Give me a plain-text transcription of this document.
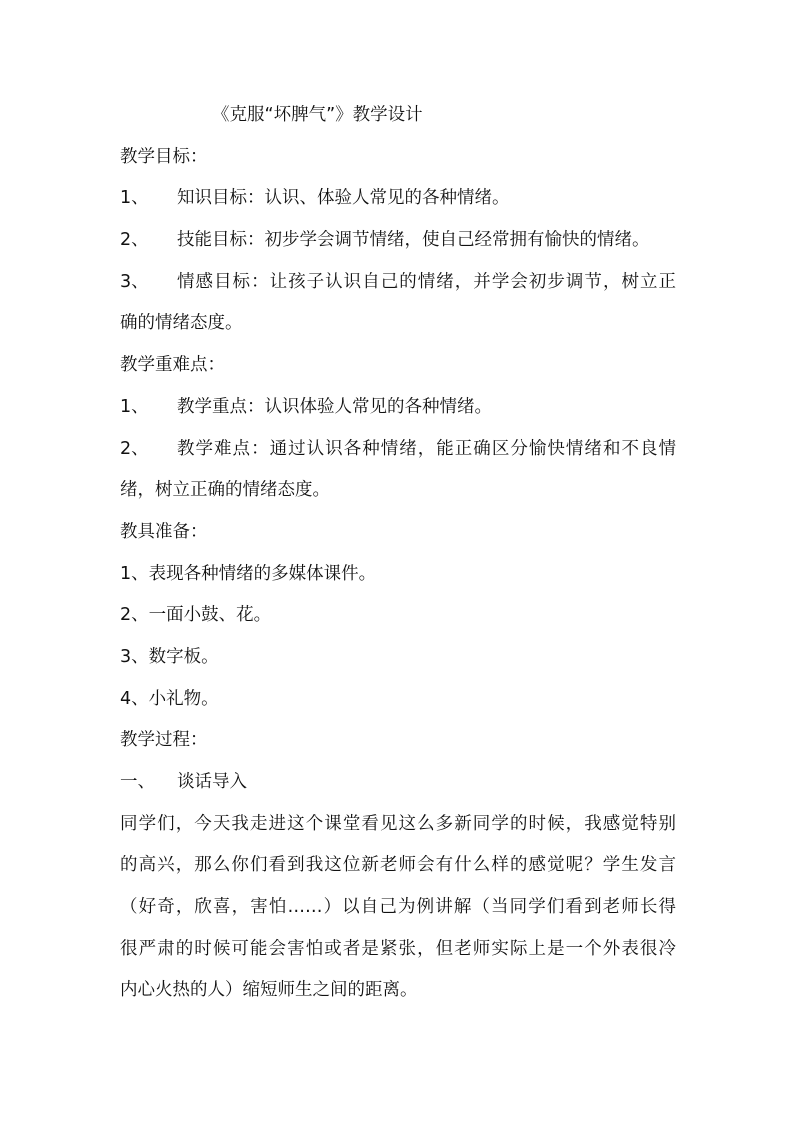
《克服“坏脾气”》教学设计
教学目标：
1、 知识目标：认识、体验人常见的各种情绪。
2、 技能目标：初步学会调节情绪，使自己经常拥有愉快的情绪。
3、 情感目标：让孩子认识自己的情绪，并学会初步调节，树立正
确的情绪态度。
教学重难点：
1、 教学重点：认识体验人常见的各种情绪。
2、 教学难点：通过认识各种情绪，能正确区分愉快情绪和不良情
绪，树立正确的情绪态度。
教具准备：
1、表现各种情绪的多媒体课件。
2、一面小鼓、花。
3、数字板。
4、小礼物。
教学过程：
一、 谈话导入
同学们，今天我走进这个课堂看见这么多新同学的时候，我感觉特别
的高兴，那么你们看到我这位新老师会有什么样的感觉呢？学生发言
（好奇，欣喜，害怕……）以自己为例讲解（当同学们看到老师长得
很严肃的时候可能会害怕或者是紧张，但老师实际上是一个外表很冷
内心火热的人）缩短师生之间的距离。
